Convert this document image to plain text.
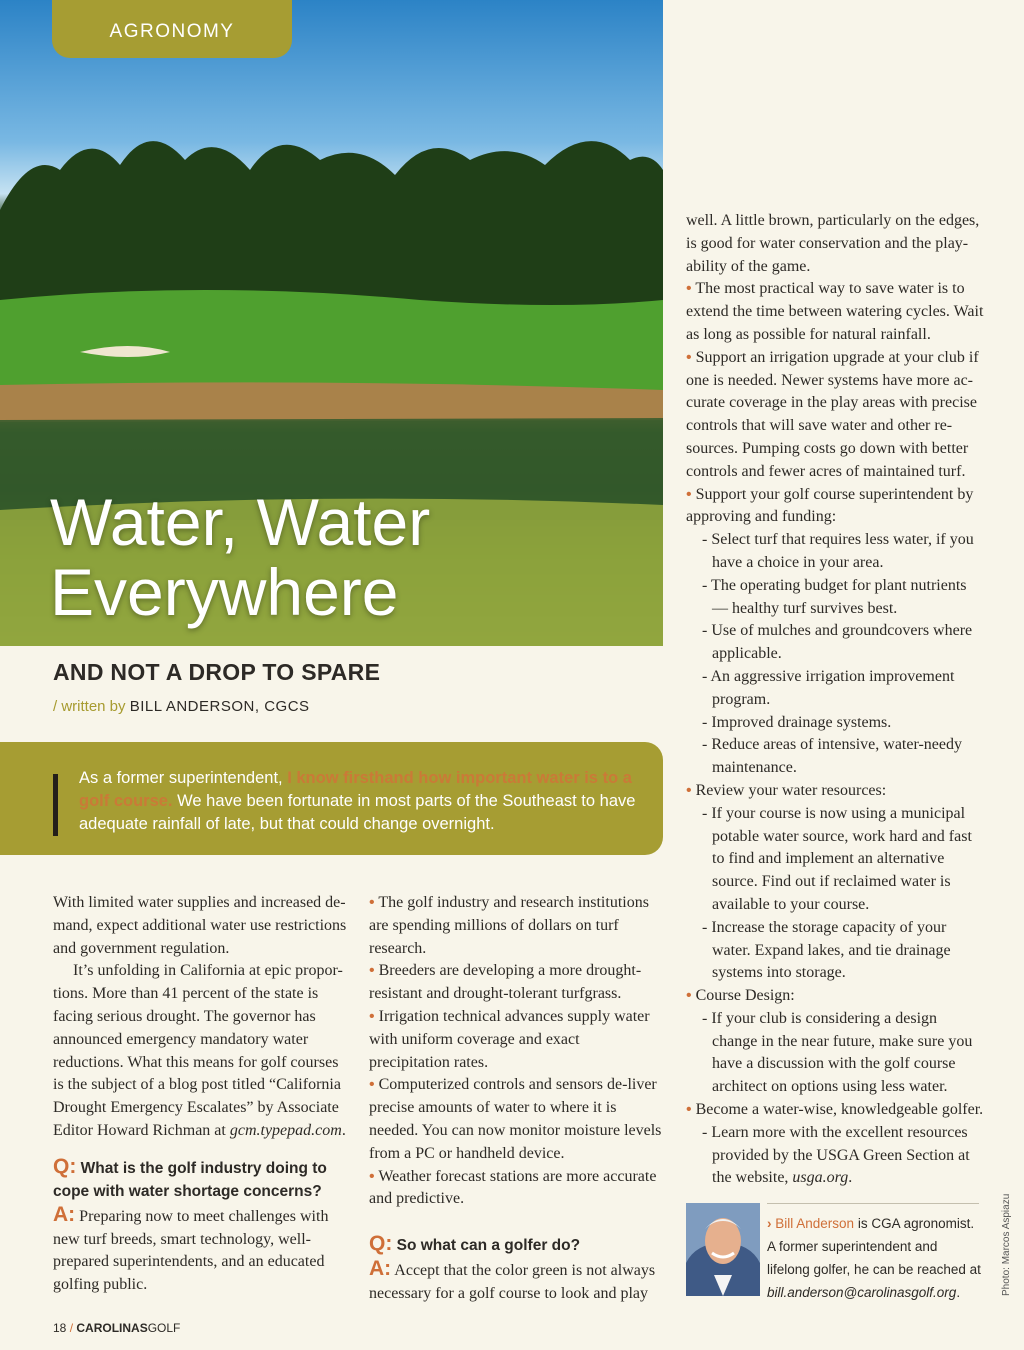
AGRONOMY
Water, Water
Everywhere
AND NOT A DROP TO SPARE
/ written by BILL ANDERSON, CGCS

As a former superintendent, I know firsthand how important water is to a golf course. We have been fortunate in most parts of the Southeast to have adequate rainfall of late, but that could change overnight.

With limited water supplies and increased de-mand, expect additional water use restrictions and government regulation.

It’s unfolding in California at epic propor-tions. More than 41 percent of the state is facing serious drought. The governor has announced emergency mandatory water reductions. What this means for golf courses is the subject of a blog post titled “California Drought Emergency Escalates” by Associate Editor Howard Richman at gcm.typepad.com.

Q: What is the golf industry doing to cope with water shortage concerns?

A: Preparing now to meet challenges with new turf breeds, smart technology, well-prepared superintendents, and an educated golfing public.

• The golf industry and research institutions are spending millions of dollars on turf research.

• Breeders are developing a more drought-resistant and drought-tolerant turfgrass.

• Irrigation technical advances supply water with uniform coverage and exact precipitation rates.

• Computerized controls and sensors de-liver precise amounts of water to where it is needed. You can now monitor moisture levels from a PC or handheld device.

• Weather forecast stations are more accurate and predictive.

Q: So what can a golfer do?

A: Accept that the color green is not always necessary for a golf course to look and play

well. A little brown, particularly on the edges, is good for water conservation and the play-ability of the game.

• The most practical way to save water is to extend the time between watering cycles. Wait as long as possible for natural rainfall.

• Support an irrigation upgrade at your club if one is needed. Newer systems have more ac-curate coverage in the play areas with precise controls that will save water and other re-sources. Pumping costs go down with better controls and fewer acres of maintained turf.

• Support your golf course superintendent by approving and funding:

- Select turf that requires less water, if you have a choice in your area.

- The operating budget for plant nutrients — healthy turf survives best.

- Use of mulches and groundcovers where applicable.

- An aggressive irrigation improvement program.

- Improved drainage systems.

- Reduce areas of intensive, water-needy maintenance.

• Review your water resources:

- If your course is now using a municipal potable water source, work hard and fast to find and implement an alternative source. Find out if reclaimed water is available to your course.

- Increase the storage capacity of your water. Expand lakes, and tie drainage systems into storage.

• Course Design:

- If your club is considering a design change in the near future, make sure you have a discussion with the golf course architect on options using less water.

• Become a water-wise, knowledgeable golfer.

- Learn more with the excellent resources provided by the USGA Green Section at the website, usga.org.

› Bill Anderson is CGA agronomist. A former superintendent and lifelong golfer, he can be reached at bill.anderson@carolinasgolf.org.	Photo: Marcos Aspiazu
18 / CAROLINASGOLF
